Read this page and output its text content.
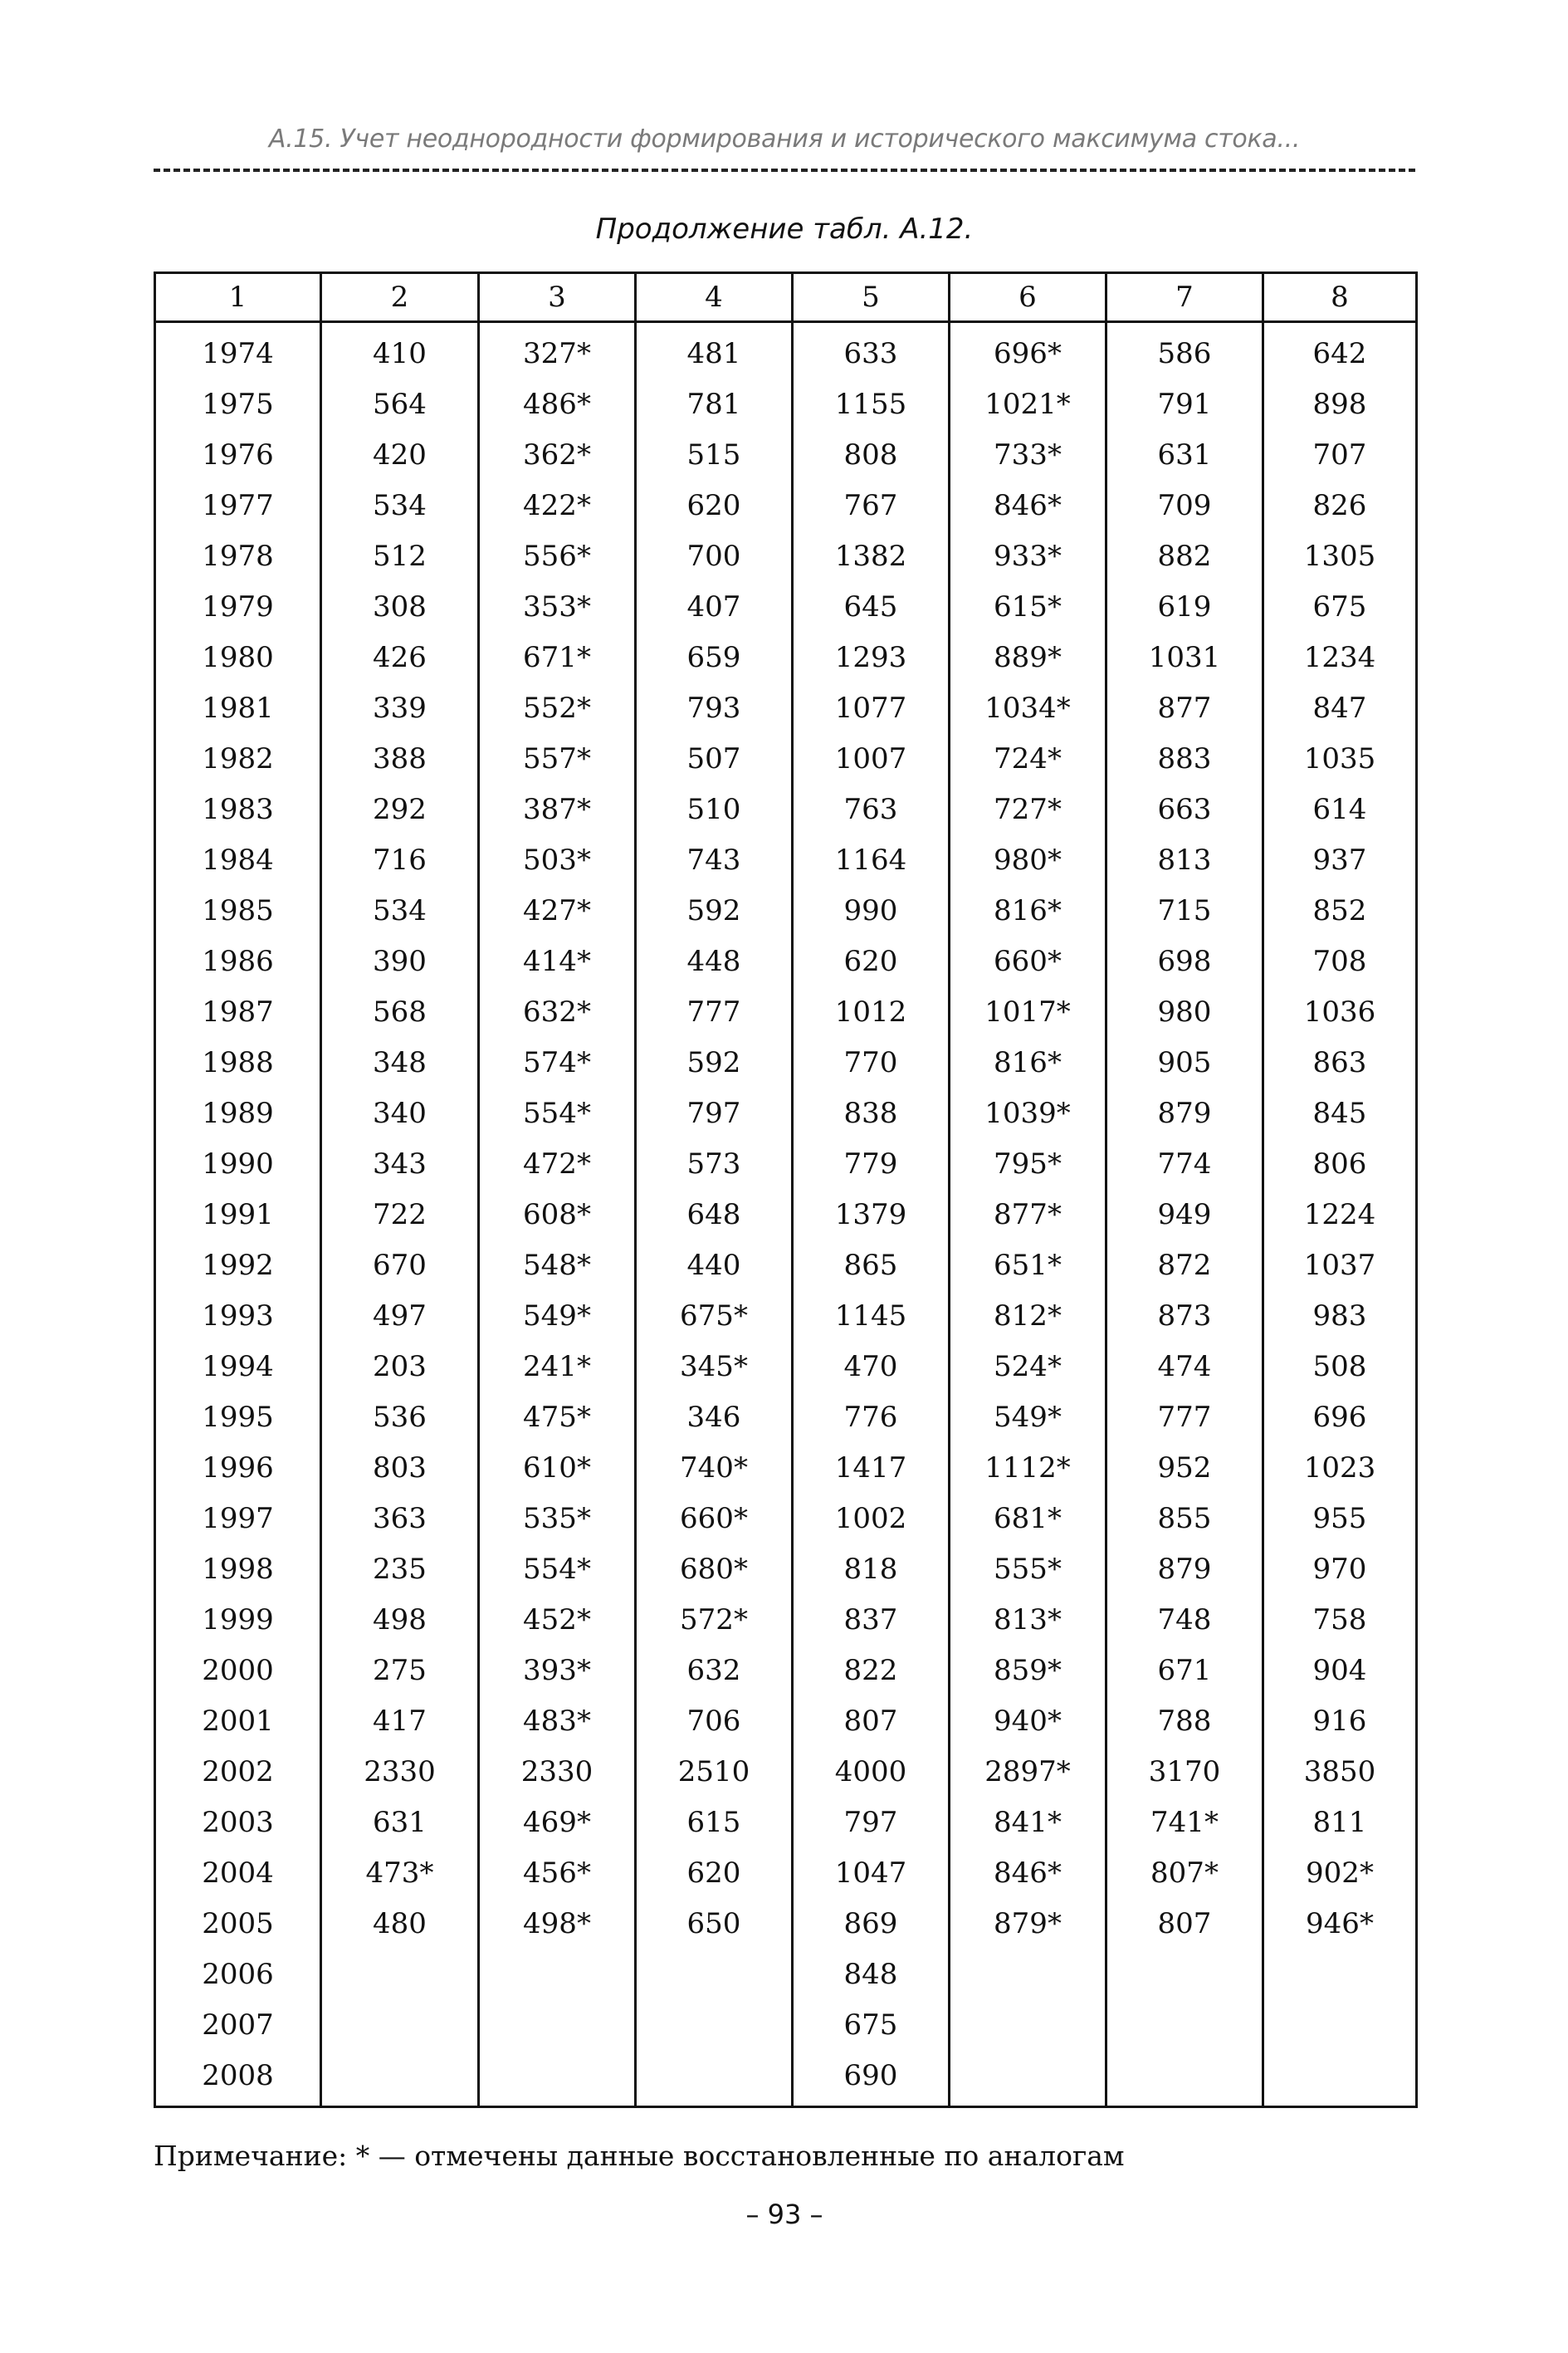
А.15. Учет неоднородности формирования и исторического максимума стока...
Продолжение табл. А.12.
1	2	3	4	5	6	7	8
1974	410	327*	481	633	696*	586	642
1975	564	486*	781	1155	1021*	791	898
1976	420	362*	515	808	733*	631	707
1977	534	422*	620	767	846*	709	826
1978	512	556*	700	1382	933*	882	1305
1979	308	353*	407	645	615*	619	675
1980	426	671*	659	1293	889*	1031	1234
1981	339	552*	793	1077	1034*	877	847
1982	388	557*	507	1007	724*	883	1035
1983	292	387*	510	763	727*	663	614
1984	716	503*	743	1164	980*	813	937
1985	534	427*	592	990	816*	715	852
1986	390	414*	448	620	660*	698	708
1987	568	632*	777	1012	1017*	980	1036
1988	348	574*	592	770	816*	905	863
1989	340	554*	797	838	1039*	879	845
1990	343	472*	573	779	795*	774	806
1991	722	608*	648	1379	877*	949	1224
1992	670	548*	440	865	651*	872	1037
1993	497	549*	675*	1145	812*	873	983
1994	203	241*	345*	470	524*	474	508
1995	536	475*	346	776	549*	777	696
1996	803	610*	740*	1417	1112*	952	1023
1997	363	535*	660*	1002	681*	855	955
1998	235	554*	680*	818	555*	879	970
1999	498	452*	572*	837	813*	748	758
2000	275	393*	632	822	859*	671	904
2001	417	483*	706	807	940*	788	916
2002	2330	2330	2510	4000	2897*	3170	3850
2003	631	469*	615	797	841*	741*	811
2004	473*	456*	620	1047	846*	807*	902*
2005	480	498*	650	869	879*	807	946*
2006				848			
2007				675			
2008				690			
Примечание: * — отмечены данные восстановленные по аналогам
– 93 –
